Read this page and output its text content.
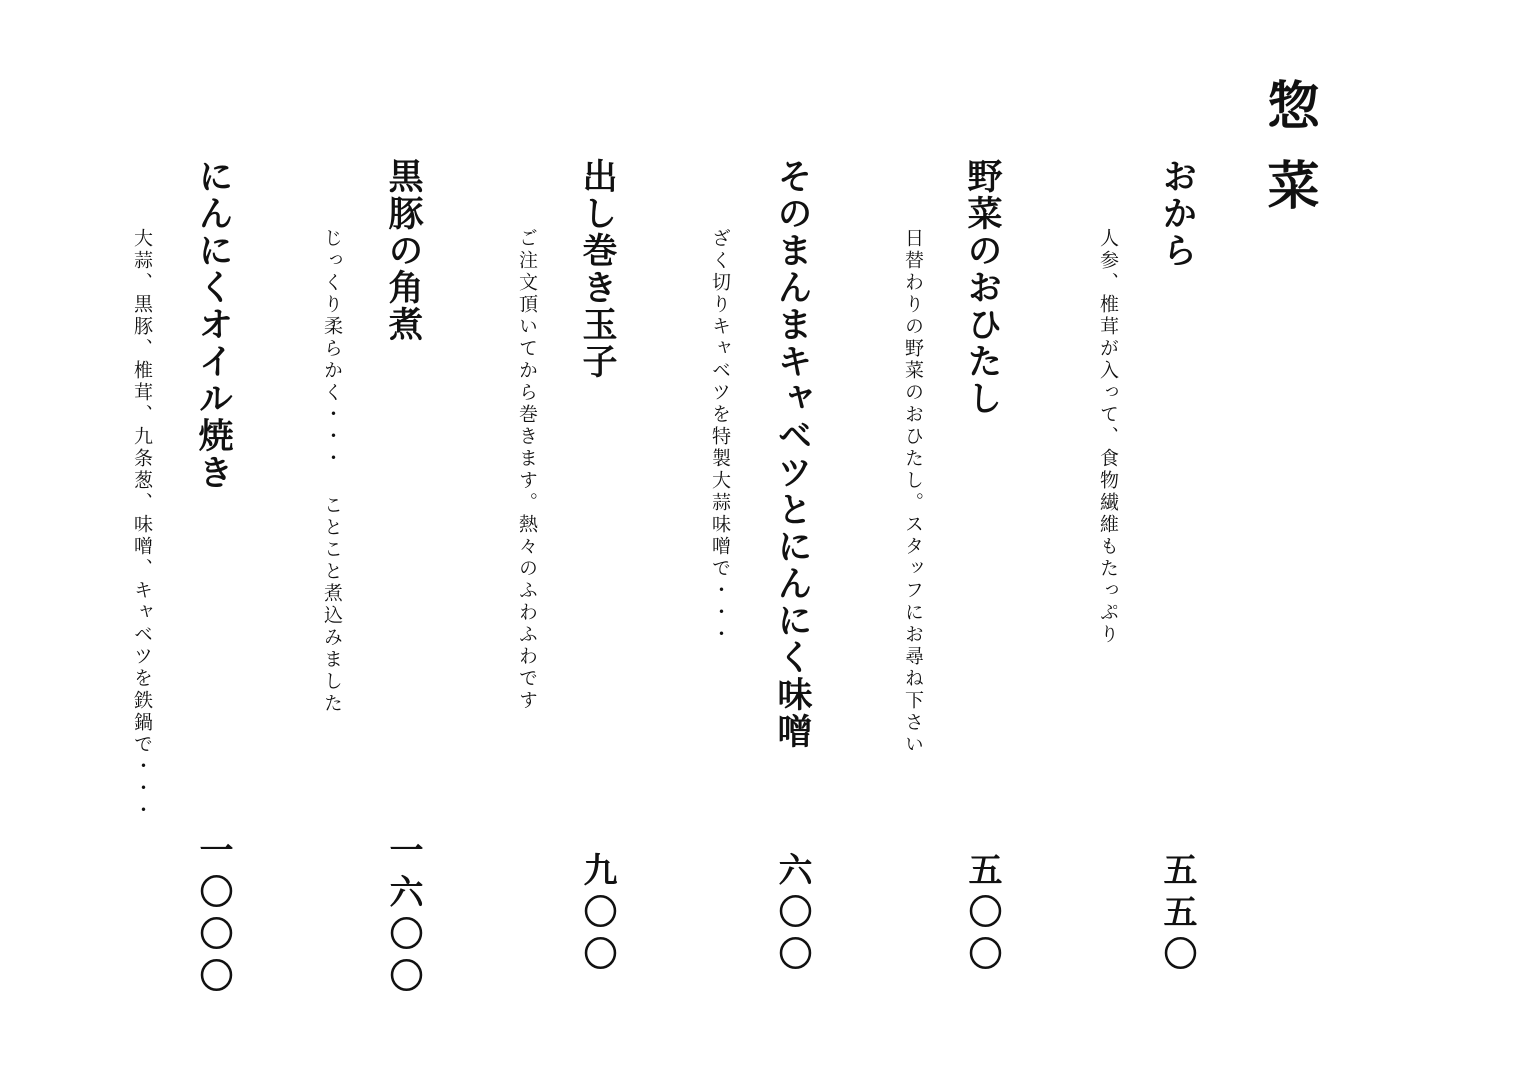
惣菜
おから
人参、椎茸が入って、食物繊維もたっぷり
五五〇
野菜のおひたし
日替わりの野菜のおひたし。スタッフにお尋ね下さい
五〇〇
そのまんまキャベツとにんにく味噌
ざく切りキャベツを特製大蒜味噌で・・・
六〇〇
出し巻き玉子
ご注文頂いてから巻きます。熱々のふわふわです
九〇〇
黒豚の角煮
じっくり柔らかく・・・ ことこと煮込みました
一六〇〇
にんにくオイル焼き
大蒜、黒豚、椎茸、九条葱、味噌、キャベツを鉄鍋で・・・
一〇〇〇
